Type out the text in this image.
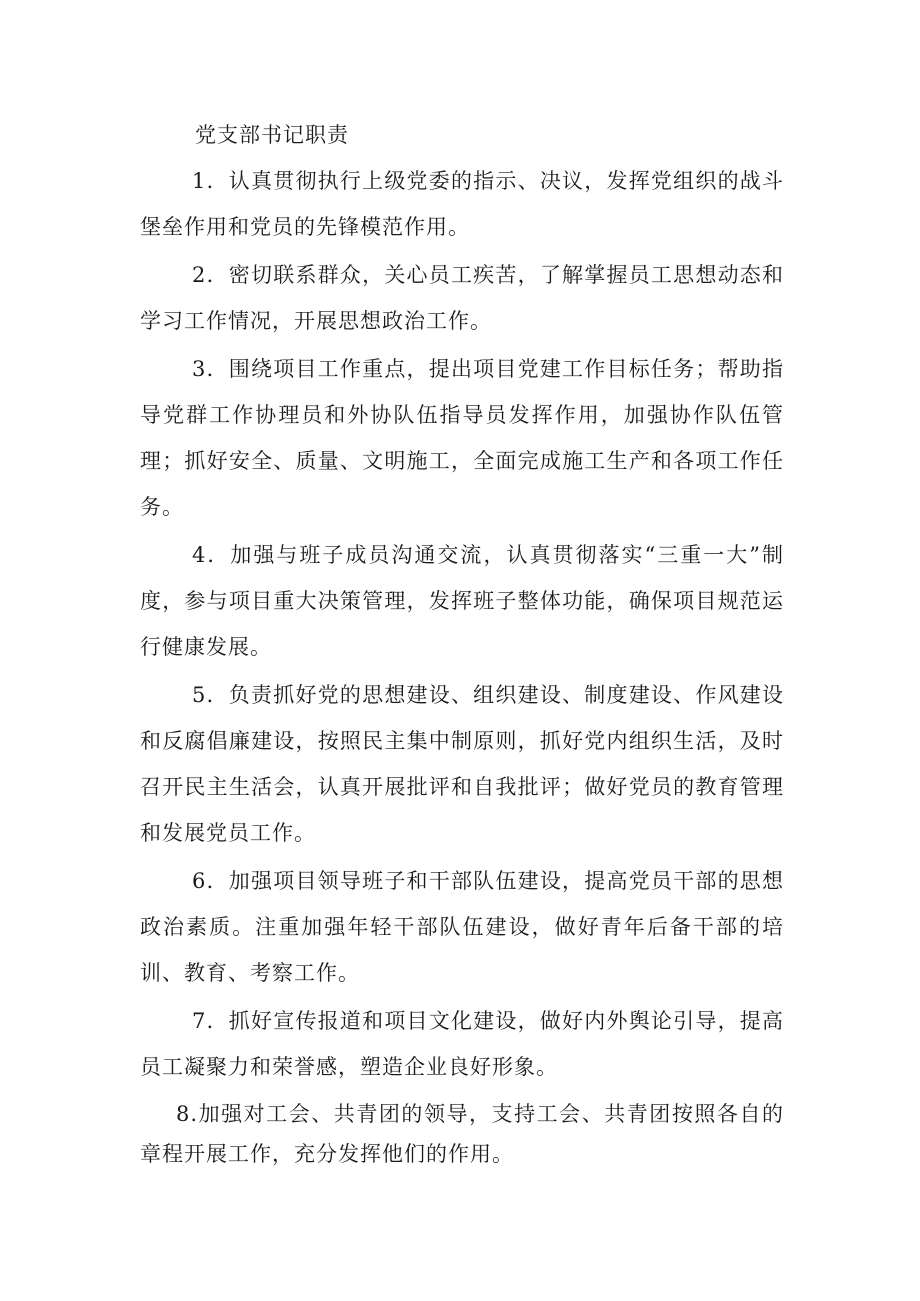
党支部书记职责

1．认真贯彻执行上级党委的指示、决议，发挥党组织的战斗堡垒作用和党员的先锋模范作用。

2．密切联系群众，关心员工疾苦，了解掌握员工思想动态和学习工作情况，开展思想政治工作。

3．围绕项目工作重点，提出项目党建工作目标任务；帮助指导党群工作协理员和外协队伍指导员发挥作用，加强协作队伍管理；抓好安全、质量、文明施工，全面完成施工生产和各项工作任务。

4．加强与班子成员沟通交流，认真贯彻落实“三重一大”制度，参与项目重大决策管理，发挥班子整体功能，确保项目规范运行健康发展。

5．负责抓好党的思想建设、组织建设、制度建设、作风建设和反腐倡廉建设，按照民主集中制原则，抓好党内组织生活，及时召开民主生活会，认真开展批评和自我批评；做好党员的教育管理和发展党员工作。

6．加强项目领导班子和干部队伍建设，提高党员干部的思想政治素质。注重加强年轻干部队伍建设，做好青年后备干部的培训、教育、考察工作。

7．抓好宣传报道和项目文化建设，做好内外舆论引导，提高员工凝聚力和荣誉感，塑造企业良好形象。

8.加强对工会、共青团的领导，支持工会、共青团按照各自的章程开展工作，充分发挥他们的作用。
